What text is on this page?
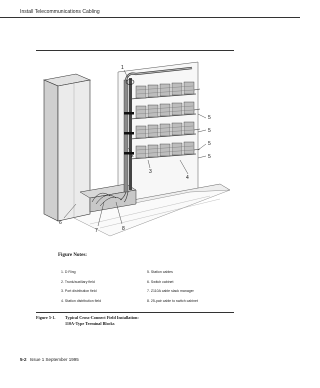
Install Telecommunications Cabling
1
2
3
4
5
5
5
5
6
7	8
Figure Notes:
1. D Ring
2. Trunk/auxiliary field
3. Port distribution field
4. Station distribution field
5. Station cables
6. Switch cabinet
7. Z110A cable slack manager
8. 25-pair cable to switch cabinet
Figure 5-1. Typical Cross-Connect Field Installation:
110A-Type Terminal Blocks
5-2 Issue 1 September 1995
